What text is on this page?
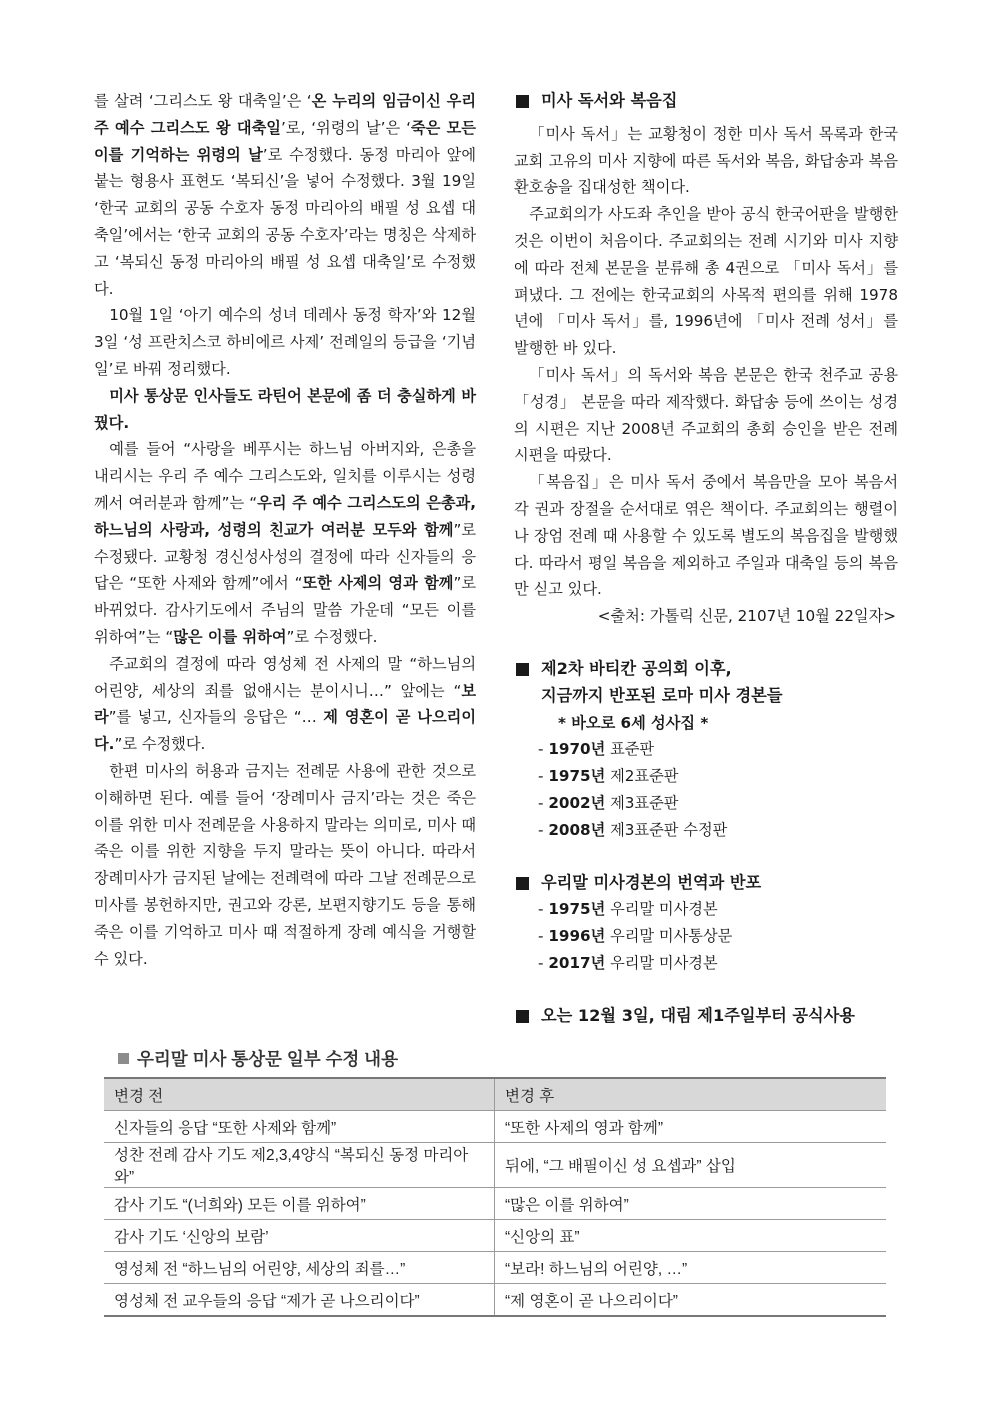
를 살려 ‘그리스도 왕 대축일’은 ‘온 누리의 임금이신 우리 주 예수 그리스도 왕 대축일’로, ‘위령의 날’은 ‘죽은 모든 이를 기억하는 위령의 날’로 수정했다. 동정 마리아 앞에 붙는 형용사 표현도 ‘복되신’을 넣어 수정했다. 3월 19일 ‘한국 교회의 공동 수호자 동정 마리아의 배필 성 요셉 대축일’에서는 ‘한국 교회의 공동 수호자’라는 명칭은 삭제하고 ‘복되신 동정 마리아의 배필 성 요셉 대축일’로 수정했다.

10월 1일 ‘아기 예수의 성녀 데레사 동정 학자’와 12월 3일 ‘성 프란치스코 하비에르 사제’ 전례일의 등급을 ‘기념일’로 바꿔 정리했다.

미사 통상문 인사들도 라틴어 본문에 좀 더 충실하게 바꿨다.

예를 들어 “사랑을 베푸시는 하느님 아버지와, 은총을 내리시는 우리 주 예수 그리스도와, 일치를 이루시는 성령께서 여러분과 함께”는 “우리 주 예수 그리스도의 은총과, 하느님의 사랑과, 성령의 친교가 여러분 모두와 함께”로 수정됐다. 교황청 경신성사성의 결정에 따라 신자들의 응답은 “또한 사제와 함께”에서 “또한 사제의 영과 함께”로 바뀌었다. 감사기도에서 주님의 말씀 가운데 “모든 이를 위하여”는 “많은 이를 위하여”로 수정했다.

주교회의 결정에 따라 영성체 전 사제의 말 “하느님의 어린양, 세상의 죄를 없애시는 분이시니…” 앞에는 “보라”를 넣고, 신자들의 응답은 “… 제 영혼이 곧 나으리이다.”로 수정했다.

한편 미사의 허용과 금지는 전례문 사용에 관한 것으로 이해하면 된다. 예를 들어 ‘장례미사 금지’라는 것은 죽은 이를 위한 미사 전례문을 사용하지 말라는 의미로, 미사 때 죽은 이를 위한 지향을 두지 말라는 뜻이 아니다. 따라서 장례미사가 금지된 날에는 전례력에 따라 그날 전례문으로 미사를 봉헌하지만, 권고와 강론, 보편지향기도 등을 통해 죽은 이를 기억하고 미사 때 적절하게 장례 예식을 거행할 수 있다.

미사 독서와 복음집

「미사 독서」는 교황청이 정한 미사 독서 목록과 한국교회 고유의 미사 지향에 따른 독서와 복음, 화답송과 복음 환호송을 집대성한 책이다.

주교회의가 사도좌 추인을 받아 공식 한국어판을 발행한 것은 이번이 처음이다. 주교회의는 전례 시기와 미사 지향에 따라 전체 본문을 분류해 총 4권으로 「미사 독서」를 펴냈다. 그 전에는 한국교회의 사목적 편의를 위해 1978년에 「미사 독서」를, 1996년에 「미사 전례 성서」를 발행한 바 있다.

「미사 독서」의 독서와 복음 본문은 한국 천주교 공용 「성경」 본문을 따라 제작했다. 화답송 등에 쓰이는 성경의 시편은 지난 2008년 주교회의 총회 승인을 받은 전례 시편을 따랐다.

「복음집」은 미사 독서 중에서 복음만을 모아 복음서 각 권과 장절을 순서대로 엮은 책이다. 주교회의는 행렬이나 장엄 전례 때 사용할 수 있도록 별도의 복음집을 발행했다. 따라서 평일 복음을 제외하고 주일과 대축일 등의 복음만 싣고 있다.

<출처: 가톨릭 신문, 2107년 10월 22일자>

제2차 바티칸 공의회 이후,
지금까지 반포된 로마 미사 경본들
* 바오로 6세 성사집 *
- 1970년 표준판
- 1975년 제2표준판
- 2002년 제3표준판
- 2008년 제3표준판 수정판
우리말 미사경본의 번역과 반포
- 1975년 우리말 미사경본
- 1996년 우리말 미사통상문
- 2017년 우리말 미사경본
오는 12월 3일, 대림 제1주일부터 공식사용
우리말 미사 통상문 일부 수정 내용
변경 전	변경 후
신자들의 응답 “또한 사제와 함께”	“또한 사제의 영과 함께”
성찬 전례 감사 기도 제2,3,4양식 “복되신 동정 마리아와”	뒤에, “그 배필이신 성 요셉과” 삽입
감사 기도 “(너희와) 모든 이를 위하여”	“많은 이를 위하여”
감사 기도 ‘신앙의 보람’	“신앙의 표”
영성체 전 “하느님의 어린양, 세상의 죄를…”	“보라! 하느님의 어린양, …”
영성체 전 교우들의 응답 “제가 곧 나으리이다”	“제 영혼이 곧 나으리이다”
